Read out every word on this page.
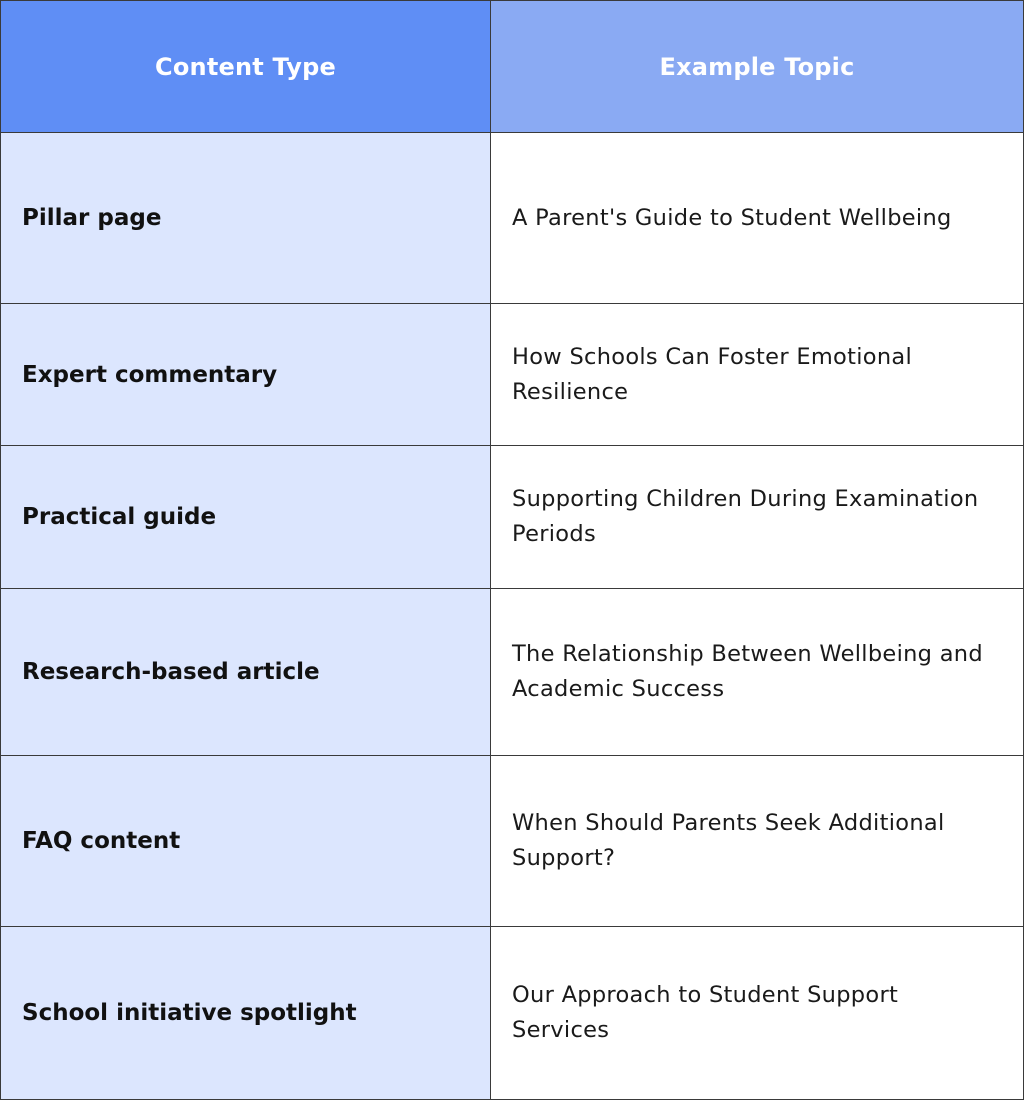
Content Type	Example Topic
Pillar page	A Parent's Guide to Student Wellbeing
Expert commentary
How Schools Can Foster Emotional Resilience
Practical guide
Supporting Children During Examination Periods
Research-based article
The Relationship Between Wellbeing and Academic Success
FAQ content
When Should Parents Seek Additional Support?
School initiative spotlight
Our Approach to Student Support Services
